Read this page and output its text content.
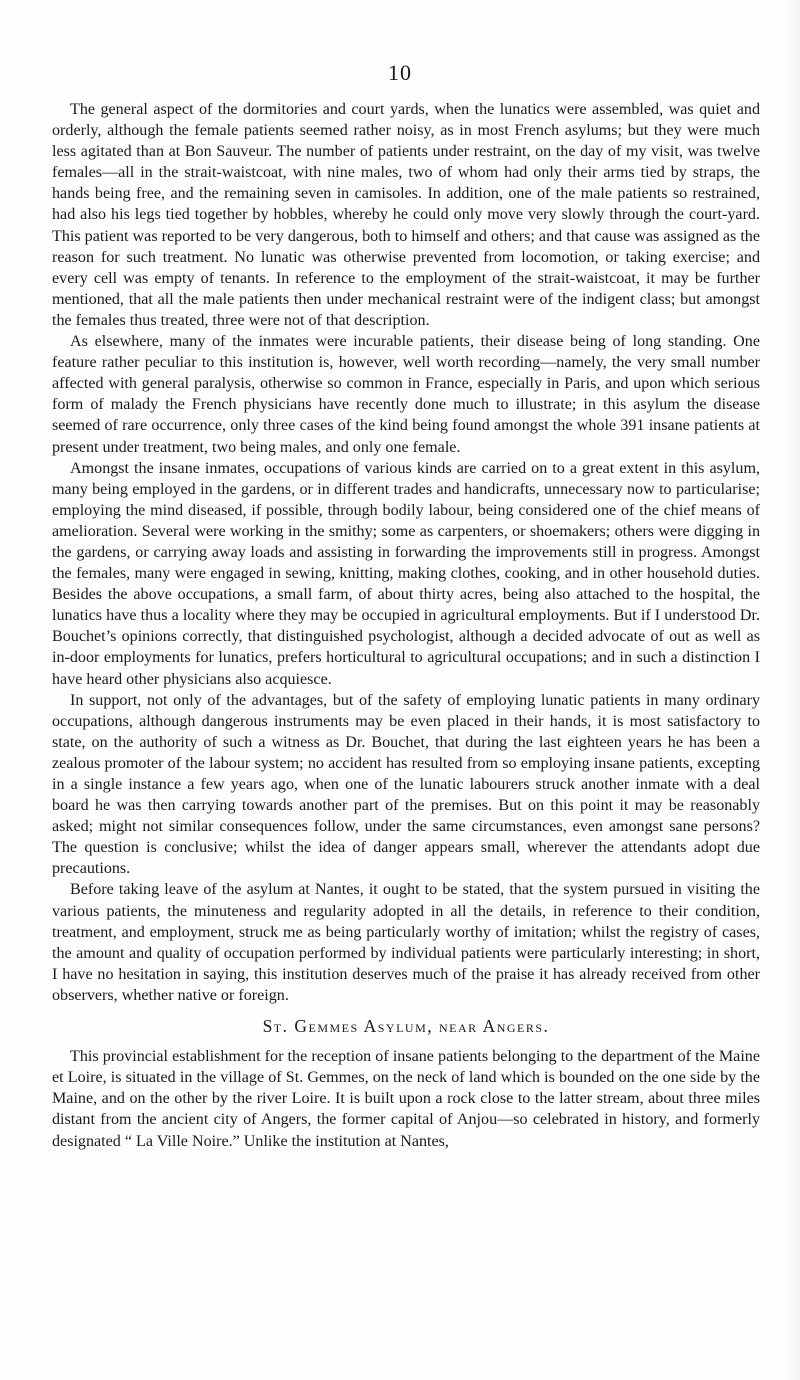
10

The general aspect of the dormitories and court yards, when the lunatics were assembled, was quiet and orderly, although the female patients seemed rather noisy, as in most French asylums; but they were much less agitated than at Bon Sauveur. The number of patients under restraint, on the day of my visit, was twelve females—all in the strait-waistcoat, with nine males, two of whom had only their arms tied by straps, the hands being free, and the remaining seven in camisoles. In addition, one of the male patients so restrained, had also his legs tied together by hobbles, whereby he could only move very slowly through the court-yard. This patient was reported to be very dangerous, both to himself and others; and that cause was assigned as the reason for such treatment. No lunatic was otherwise prevented from locomotion, or taking exercise; and every cell was empty of tenants. In reference to the employment of the strait-waistcoat, it may be further mentioned, that all the male patients then under mechanical restraint were of the indigent class; but amongst the females thus treated, three were not of that description.

As elsewhere, many of the inmates were incurable patients, their disease being of long standing. One feature rather peculiar to this institution is, however, well worth recording—namely, the very small number affected with general paralysis, otherwise so common in France, especially in Paris, and upon which serious form of malady the French physicians have recently done much to illustrate; in this asylum the disease seemed of rare occurrence, only three cases of the kind being found amongst the whole 391 insane patients at present under treatment, two being males, and only one female.

Amongst the insane inmates, occupations of various kinds are carried on to a great extent in this asylum, many being employed in the gardens, or in different trades and handicrafts, unnecessary now to particularise; employing the mind diseased, if possible, through bodily labour, being considered one of the chief means of amelioration. Several were working in the smithy; some as carpenters, or shoemakers; others were digging in the gardens, or carrying away loads and assisting in forwarding the improvements still in progress. Amongst the females, many were engaged in sewing, knitting, making clothes, cooking, and in other household duties. Besides the above occupations, a small farm, of about thirty acres, being also attached to the hospital, the lunatics have thus a locality where they may be occupied in agricultural employments. But if I understood Dr. Bouchet’s opinions correctly, that distinguished psychologist, although a decided advocate of out as well as in-door employments for lunatics, prefers horticultural to agricultural occupations; and in such a distinction I have heard other physicians also acquiesce.

In support, not only of the advantages, but of the safety of employing lunatic patients in many ordinary occupations, although dangerous instruments may be even placed in their hands, it is most satisfactory to state, on the authority of such a witness as Dr. Bouchet, that during the last eighteen years he has been a zealous promoter of the labour system; no accident has resulted from so employing insane patients, excepting in a single instance a few years ago, when one of the lunatic labourers struck another inmate with a deal board he was then carrying towards another part of the premises. But on this point it may be reasonably asked; might not similar consequences follow, under the same circumstances, even amongst sane persons? The question is conclusive; whilst the idea of danger appears small, wherever the attendants adopt due precautions.

Before taking leave of the asylum at Nantes, it ought to be stated, that the system pursued in visiting the various patients, the minuteness and regularity adopted in all the details, in reference to their condition, treatment, and employment, struck me as being particularly worthy of imitation; whilst the registry of cases, the amount and quality of occupation performed by individual patients were particularly interesting; in short, I have no hesitation in saying, this institution deserves much of the praise it has already received from other observers, whether native or foreign.

St. Gemmes Asylum, near Angers.

This provincial establishment for the reception of insane patients belonging to the department of the Maine et Loire, is situated in the village of St. Gemmes, on the neck of land which is bounded on the one side by the Maine, and on the other by the river Loire. It is built upon a rock close to the latter stream, about three miles distant from the ancient city of Angers, the former capital of Anjou—so celebrated in history, and formerly designated “ La Ville Noire.” Unlike the institution at Nantes,
